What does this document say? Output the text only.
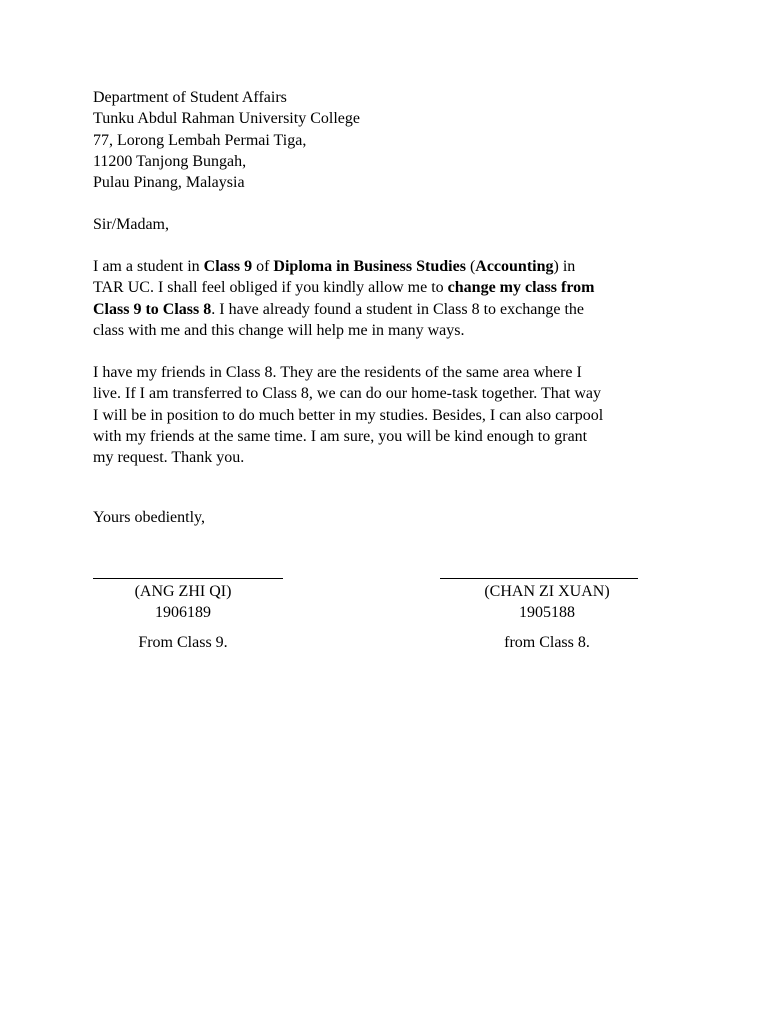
Department of Student Affairs
Tunku Abdul Rahman University College
77, Lorong Lembah Permai Tiga,
11200 Tanjong Bungah,
Pulau Pinang, Malaysia
Sir/Madam,
I am a student in Class 9 of Diploma in Business Studies (Accounting) in
TAR UC. I shall feel obliged if you kindly allow me to change my class from
Class 9 to Class 8. I have already found a student in Class 8 to exchange the
class with me and this change will help me in many ways.
I have my friends in Class 8. They are the residents of the same area where I
live. If I am transferred to Class 8, we can do our home-task together. That way
I will be in position to do much better in my studies. Besides, I can also carpool
with my friends at the same time. I am sure, you will be kind enough to grant
my request. Thank you.
Yours obediently,
(ANG ZHI QI)
1906189
From Class 9.
(CHAN ZI XUAN)
1905188
from Class 8.
